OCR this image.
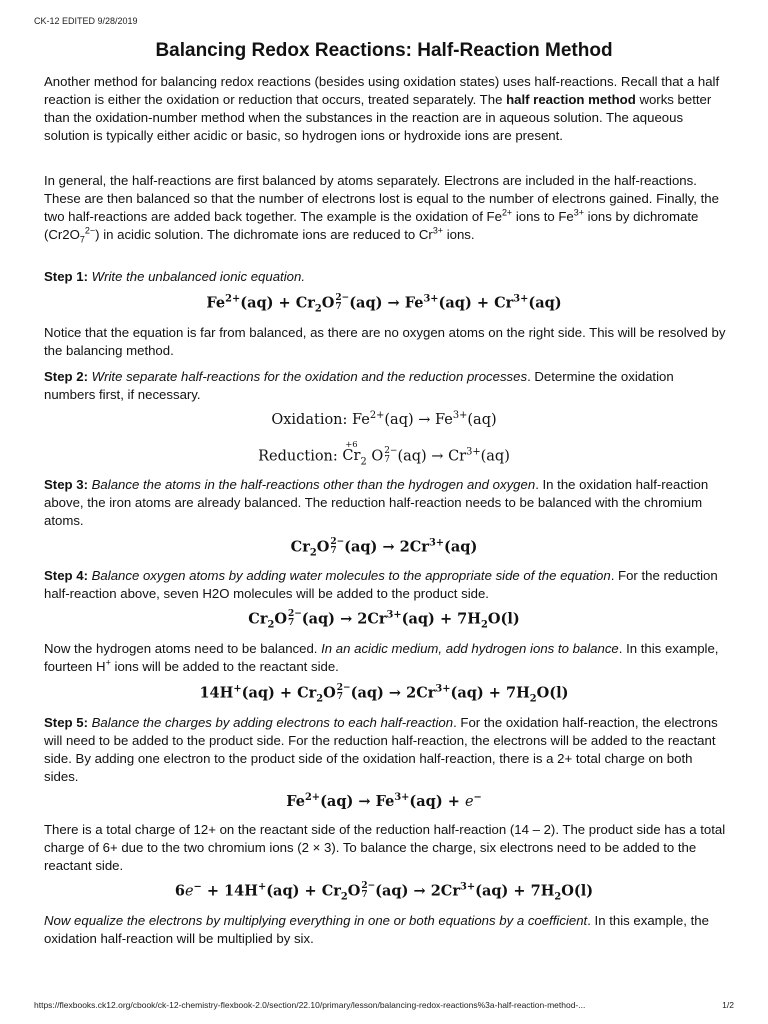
CK-12 EDITED 9/28/2019
Balancing Redox Reactions: Half-Reaction Method

Another method for balancing redox reactions (besides using oxidation states) uses half-reactions. Recall that a half reaction is either the oxidation or reduction that occurs, treated separately. The half reaction method works better than the oxidation-number method when the substances in the reaction are in aqueous solution. The aqueous solution is typically either acidic or basic, so hydrogen ions or hydroxide ions are present.

In general, the half-reactions are first balanced by atoms separately. Electrons are included in the half-reactions. These are then balanced so that the number of electrons lost is equal to the number of electrons gained. Finally, the two half-reactions are added back together. The example is the oxidation of $Fe^{2+}$ ions to $Fe^{3+}$ ions by dichromate $(Cr2O_7^{2-})$ in acidic solution. The dichromate ions are reduced to $Cr^{3+}$ ions.

Step 1: Write the unbalanced ionic equation.

$Fe^{2+}(aq) + Cr_2O$ 2−
7 $(aq) \to Fe^{3+}(aq) + Cr^{3+}(aq)$

Notice that the equation is far from balanced, as there are no oxygen atoms on the right side. This will be resolved by the balancing method.

Step 2: Write separate half-reactions for the oxidation and the reduction processes. Determine the oxidation numbers first, if necessary.

Oxidation: $Fe^{2+}(aq) \to Fe^{3+}(aq)$

Reduction:
+6
$Cr_2$ O 2−
7 $(aq) \to Cr^{3+}(aq)$

Step 3: Balance the atoms in the half-reactions other than the hydrogen and oxygen. In the oxidation half-reaction above, the iron atoms are already balanced. The reduction half-reaction needs to be balanced with the chromium atoms.

$Cr_2O$ 2−
7 $(aq) \to 2Cr^{3+}(aq)$

Step 4: Balance oxygen atoms by adding water molecules to the appropriate side of the equation. For the reduction half-reaction above, seven H2O molecules will be added to the product side.

$Cr_2O$ 2−
7 $(aq) \to 2Cr^{3+}(aq) + 7H_2O(l)$

Now the hydrogen atoms need to be balanced. In an acidic medium, add hydrogen ions to balance. In this example, fourteen H+ ions will be added to the reactant side.

$14H^+(aq) + Cr_2O$ 2−
7 $(aq) \to 2Cr^{3+}(aq) + 7H_2O(l)$

Step 5: Balance the charges by adding electrons to each half-reaction. For the oxidation half-reaction, the electrons will need to be added to the product side. For the reduction half-reaction, the electrons will be added to the reactant side. By adding one electron to the product side of the oxidation half-reaction, there is a 2+ total charge on both sides.

$Fe^{2+}(aq) \to Fe^{3+}(aq) + e^-$

There is a total charge of 12+ on the reactant side of the reduction half-reaction (14 – 2). The product side has a total charge of 6+ due to the two chromium ions (2 × 3). To balance the charge, six electrons need to be added to the reactant side.

$6e^- + 14H^+(aq) + Cr_2O$ 2−
7 $(aq) \to 2Cr^{3+}(aq) + 7H_2O(l)$

Now equalize the electrons by multiplying everything in one or both equations by a coefficient. In this example, the oxidation half-reaction will be multiplied by six.

https://flexbooks.ck12.org/cbook/ck-12-chemistry-flexbook-2.0/section/22.10/primary/lesson/balancing-redox-reactions%3a-half-reaction-method-...	1/2
